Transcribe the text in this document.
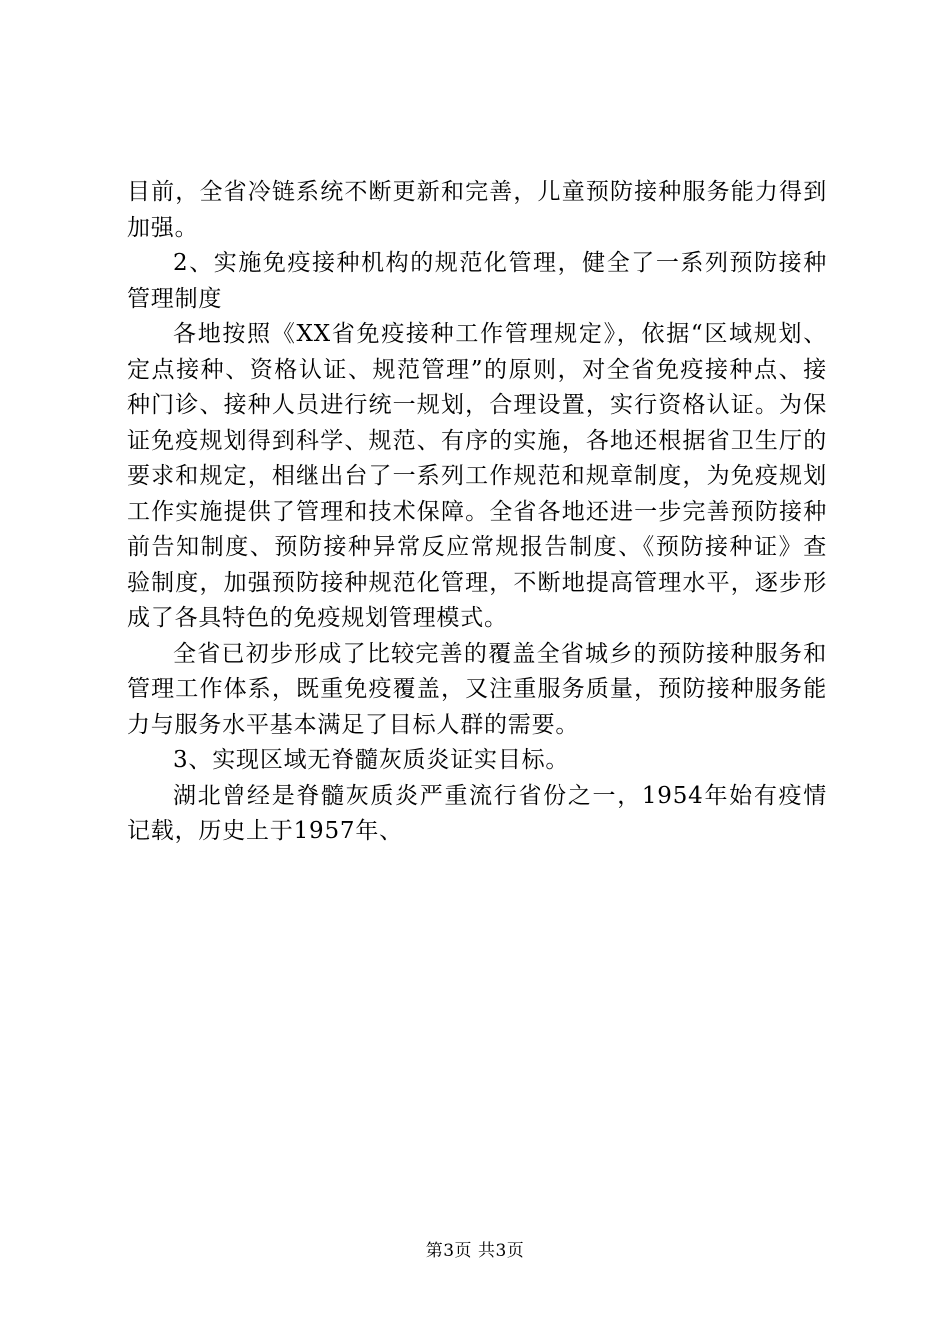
目前，全省冷链系统不断更新和完善，儿童预防接种服务能力得到加强。

2、实施免疫接种机构的规范化管理，健全了一系列预防接种管理制度

各地按照《XX省免疫接种工作管理规定》，依据“区域规划、定点接种、资格认证、规范管理”的原则，对全省免疫接种点、接种门诊、接种人员进行统一规划，合理设置，实行资格认证。为保证免疫规划得到科学、规范、有序的实施，各地还根据省卫生厅的要求和规定，相继出台了一系列工作规范和规章制度，为免疫规划工作实施提供了管理和技术保障。全省各地还进一步完善预防接种前告知制度、预防接种异常反应常规报告制度、《预防接种证》查验制度，加强预防接种规范化管理，不断地提高管理水平，逐步形成了各具特色的免疫规划管理模式。

全省已初步形成了比较完善的覆盖全省城乡的预防接种服务和管理工作体系，既重免疫覆盖，又注重服务质量，预防接种服务能力与服务水平基本满足了目标人群的需要。

3、实现区域无脊髓灰质炎证实目标。

湖北曾经是脊髓灰质炎严重流行省份之一，1954年始有疫情记载，历史上于1957年、

第3页 共3页
